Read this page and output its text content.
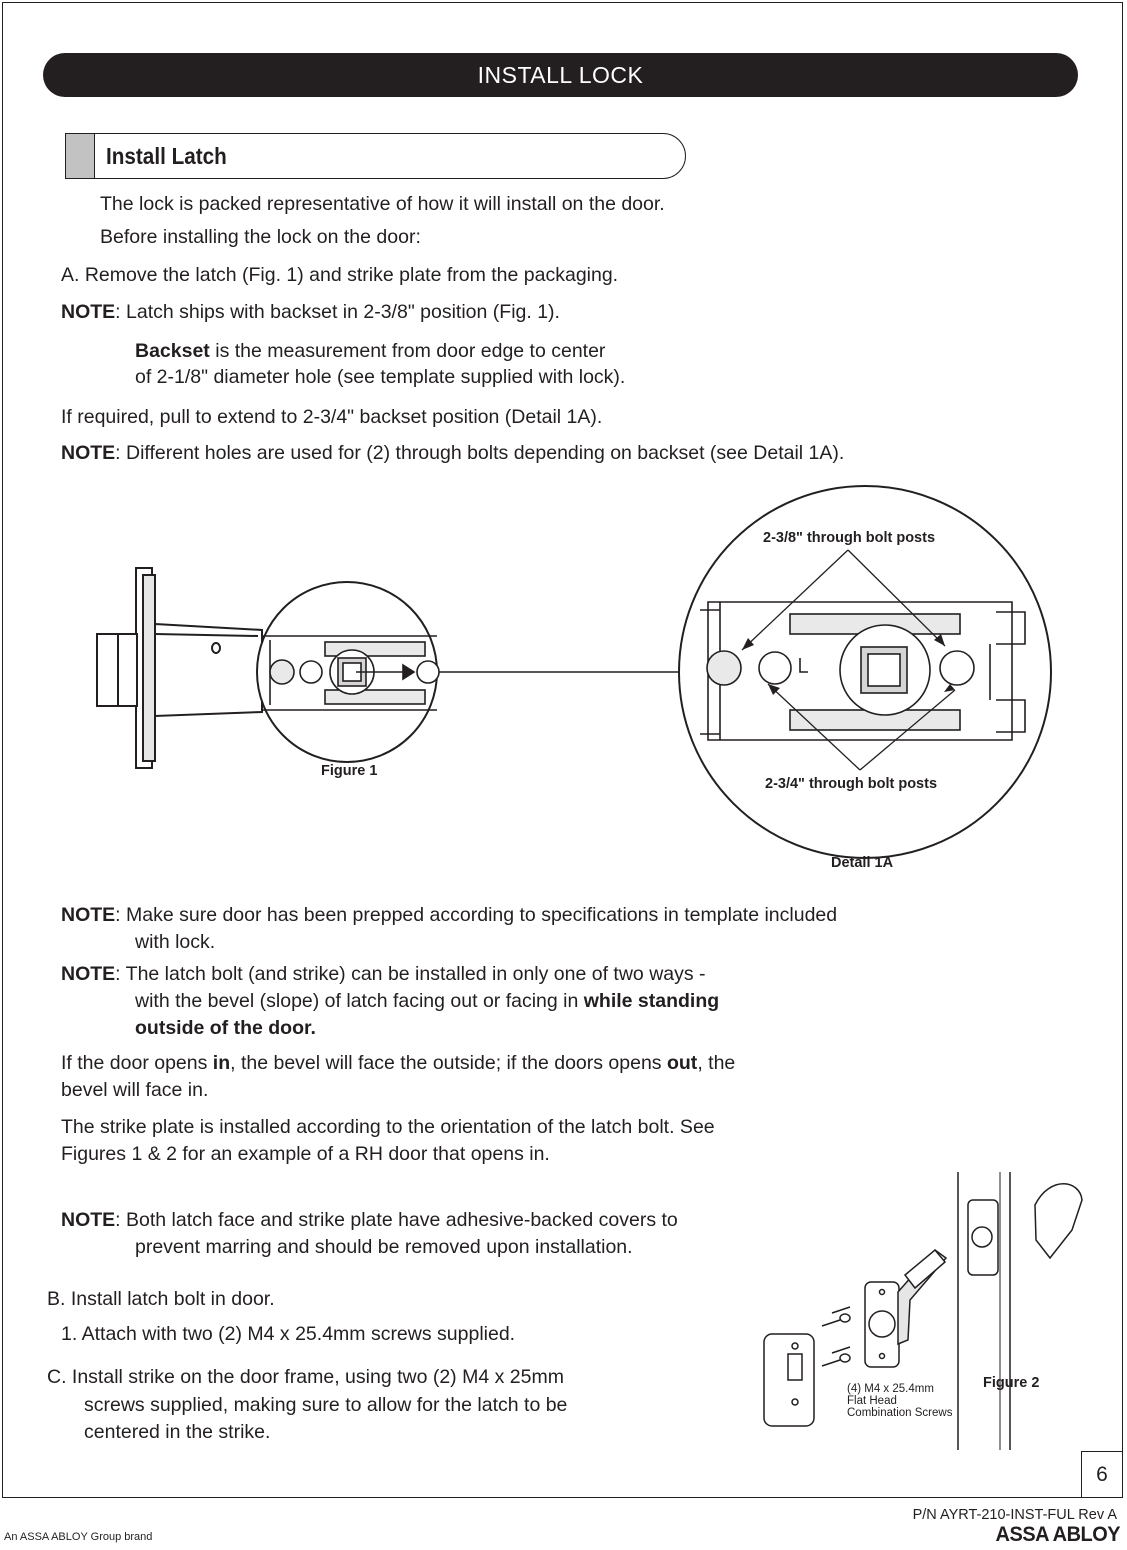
INSTALL LOCK
Install Latch
The lock is packed representative of how it will install on the door.
Before installing the lock on the door:
A. Remove the latch (Fig. 1) and strike plate from the packaging.
NOTE: Latch ships with backset in 2-3/8" position (Fig. 1).
Backset is the measurement from door edge to center
of 2-1/8" diameter hole (see template supplied with lock).
If required, pull to extend to 2-3/4" backset position (Detail 1A).
NOTE: Different holes are used for (2) through bolts depending on backset (see Detail 1A).
2-3/8" through bolt posts
2-3/4" through bolt posts
Figure 1
Detail 1A
NOTE: Make sure door has been prepped according to specifications in template included
with lock.
NOTE: The latch bolt (and strike) can be installed in only one of two ways -
with the bevel (slope) of latch facing out or facing in while standing
outside of the door.
If the door opens in, the bevel will face the outside; if the doors opens out, the
bevel will face in.
The strike plate is installed according to the orientation of the latch bolt. See
Figures 1 & 2 for an example of a RH door that opens in.
NOTE: Both latch face and strike plate have adhesive-backed covers to
prevent marring and should be removed upon installation.
B. Install latch bolt in door.
1. Attach with two (2) M4 x 25.4mm screws supplied.
C. Install strike on the door frame, using two (2) M4 x 25mm
screws supplied, making sure to allow for the latch to be
centered in the strike.
(4) M4 x 25.4mm
Flat Head
Combination Screws
Figure 2
6
P/N AYRT-210-INST-FUL Rev A
An ASSA ABLOY Group brand	ASSA ABLOY
